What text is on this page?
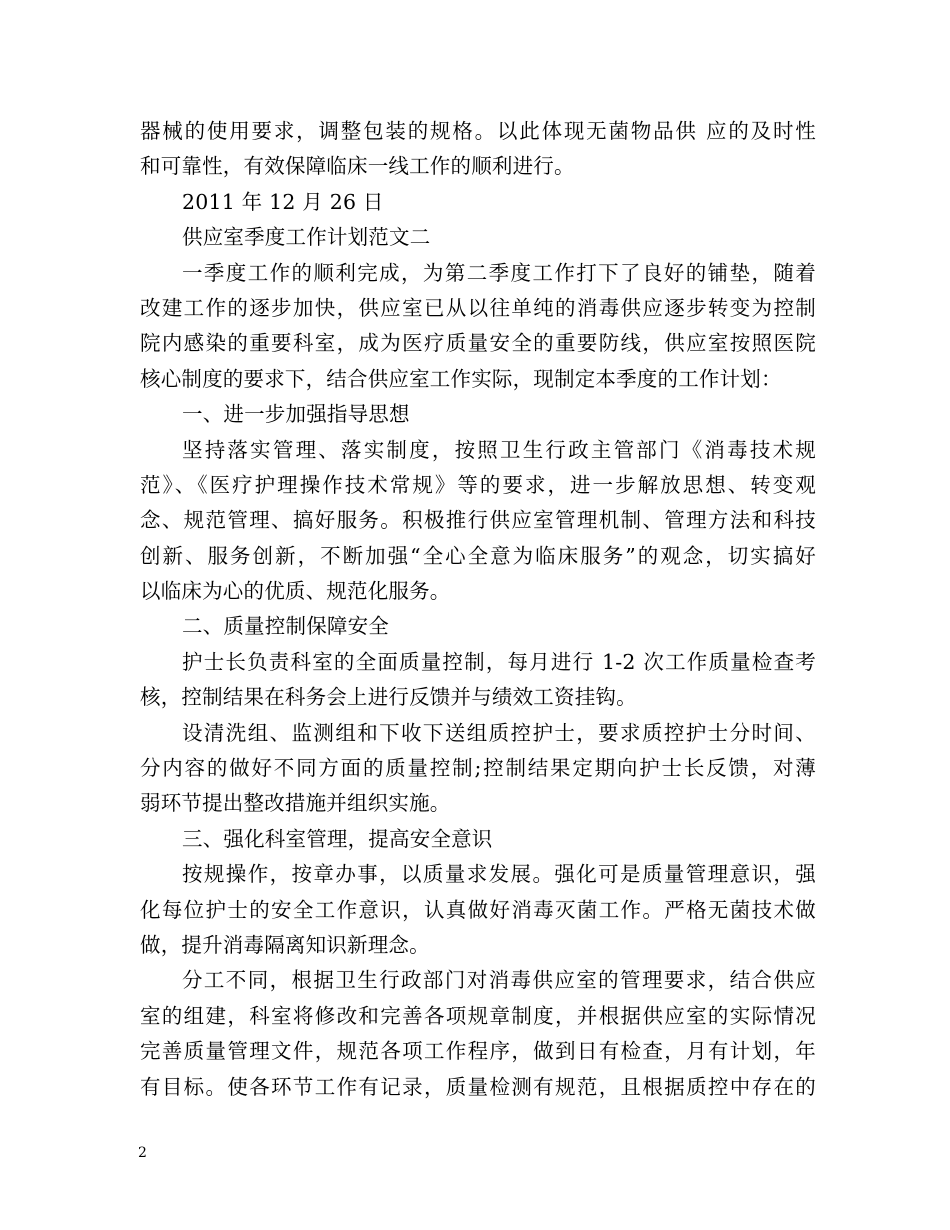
器械的使用要求，调整包装的规格。以此体现无菌物品供 应的及时性
和可靠性，有效保障临床一线工作的顺利进行。
2011 年 12 月 26 日
供应室季度工作计划范文二
一季度工作的顺利完成，为第二季度工作打下了良好的铺垫，随着
改建工作的逐步加快，供应室已从以往单纯的消毒供应逐步转变为控制
院内感染的重要科室，成为医疗质量安全的重要防线，供应室按照医院
核心制度的要求下，结合供应室工作实际，现制定本季度的工作计划：
一、进一步加强指导思想
坚持落实管理、落实制度，按照卫生行政主管部门《消毒技术规
范》、《医疗护理操作技术常规》等的要求，进一步解放思想、转变观
念、规范管理、搞好服务。积极推行供应室管理机制、管理方法和科技
创新、服务创新，不断加强“全心全意为临床服务”的观念，切实搞好
以临床为心的优质、规范化服务。
二、质量控制保障安全
护士长负责科室的全面质量控制，每月进行 1-2 次工作质量检查考
核，控制结果在科务会上进行反馈并与绩效工资挂钩。
设清洗组、监测组和下收下送组质控护士，要求质控护士分时间、
分内容的做好不同方面的质量控制;控制结果定期向护士长反馈，对薄
弱环节提出整改措施并组织实施。
三、强化科室管理，提高安全意识
按规操作，按章办事，以质量求发展。强化可是质量管理意识，强
化每位护士的安全工作意识，认真做好消毒灭菌工作。严格无菌技术做
做，提升消毒隔离知识新理念。
分工不同，根据卫生行政部门对消毒供应室的管理要求，结合供应
室的组建，科室将修改和完善各项规章制度，并根据供应室的实际情况
完善质量管理文件，规范各项工作程序，做到日有检查，月有计划，年
有目标。使各环节工作有记录，质量检测有规范，且根据质控中存在的
2
